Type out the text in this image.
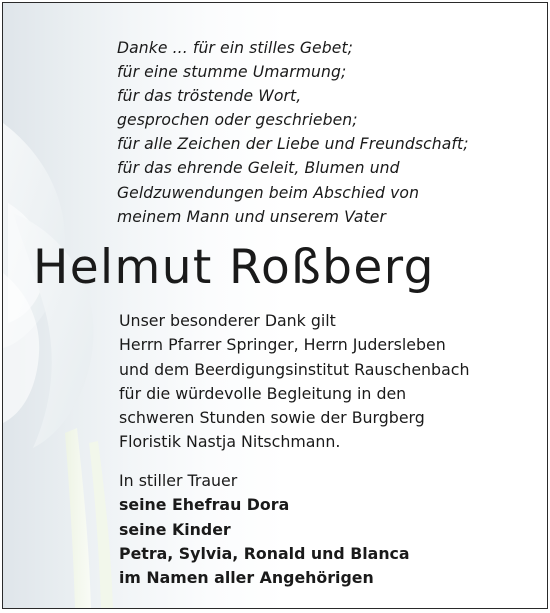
Danke ... für ein stilles Gebet;
für eine stumme Umarmung;
für das tröstende Wort,
gesprochen oder geschrieben;
für alle Zeichen der Liebe und Freundschaft;
für das ehrende Geleit, Blumen und
Geldzuwendungen beim Abschied von
meinem Mann und unserem Vater
Helmut Roßberg
Unser besonderer Dank gilt
Herrn Pfarrer Springer, Herrn Judersleben
und dem Beerdigungsinstitut Rauschenbach
für die würdevolle Begleitung in den
schweren Stunden sowie der Burgberg
Floristik Nastja Nitschmann.
In stiller Trauer
seine Ehefrau Dora
seine Kinder
Petra, Sylvia, Ronald und Blanca
im Namen aller Angehörigen
